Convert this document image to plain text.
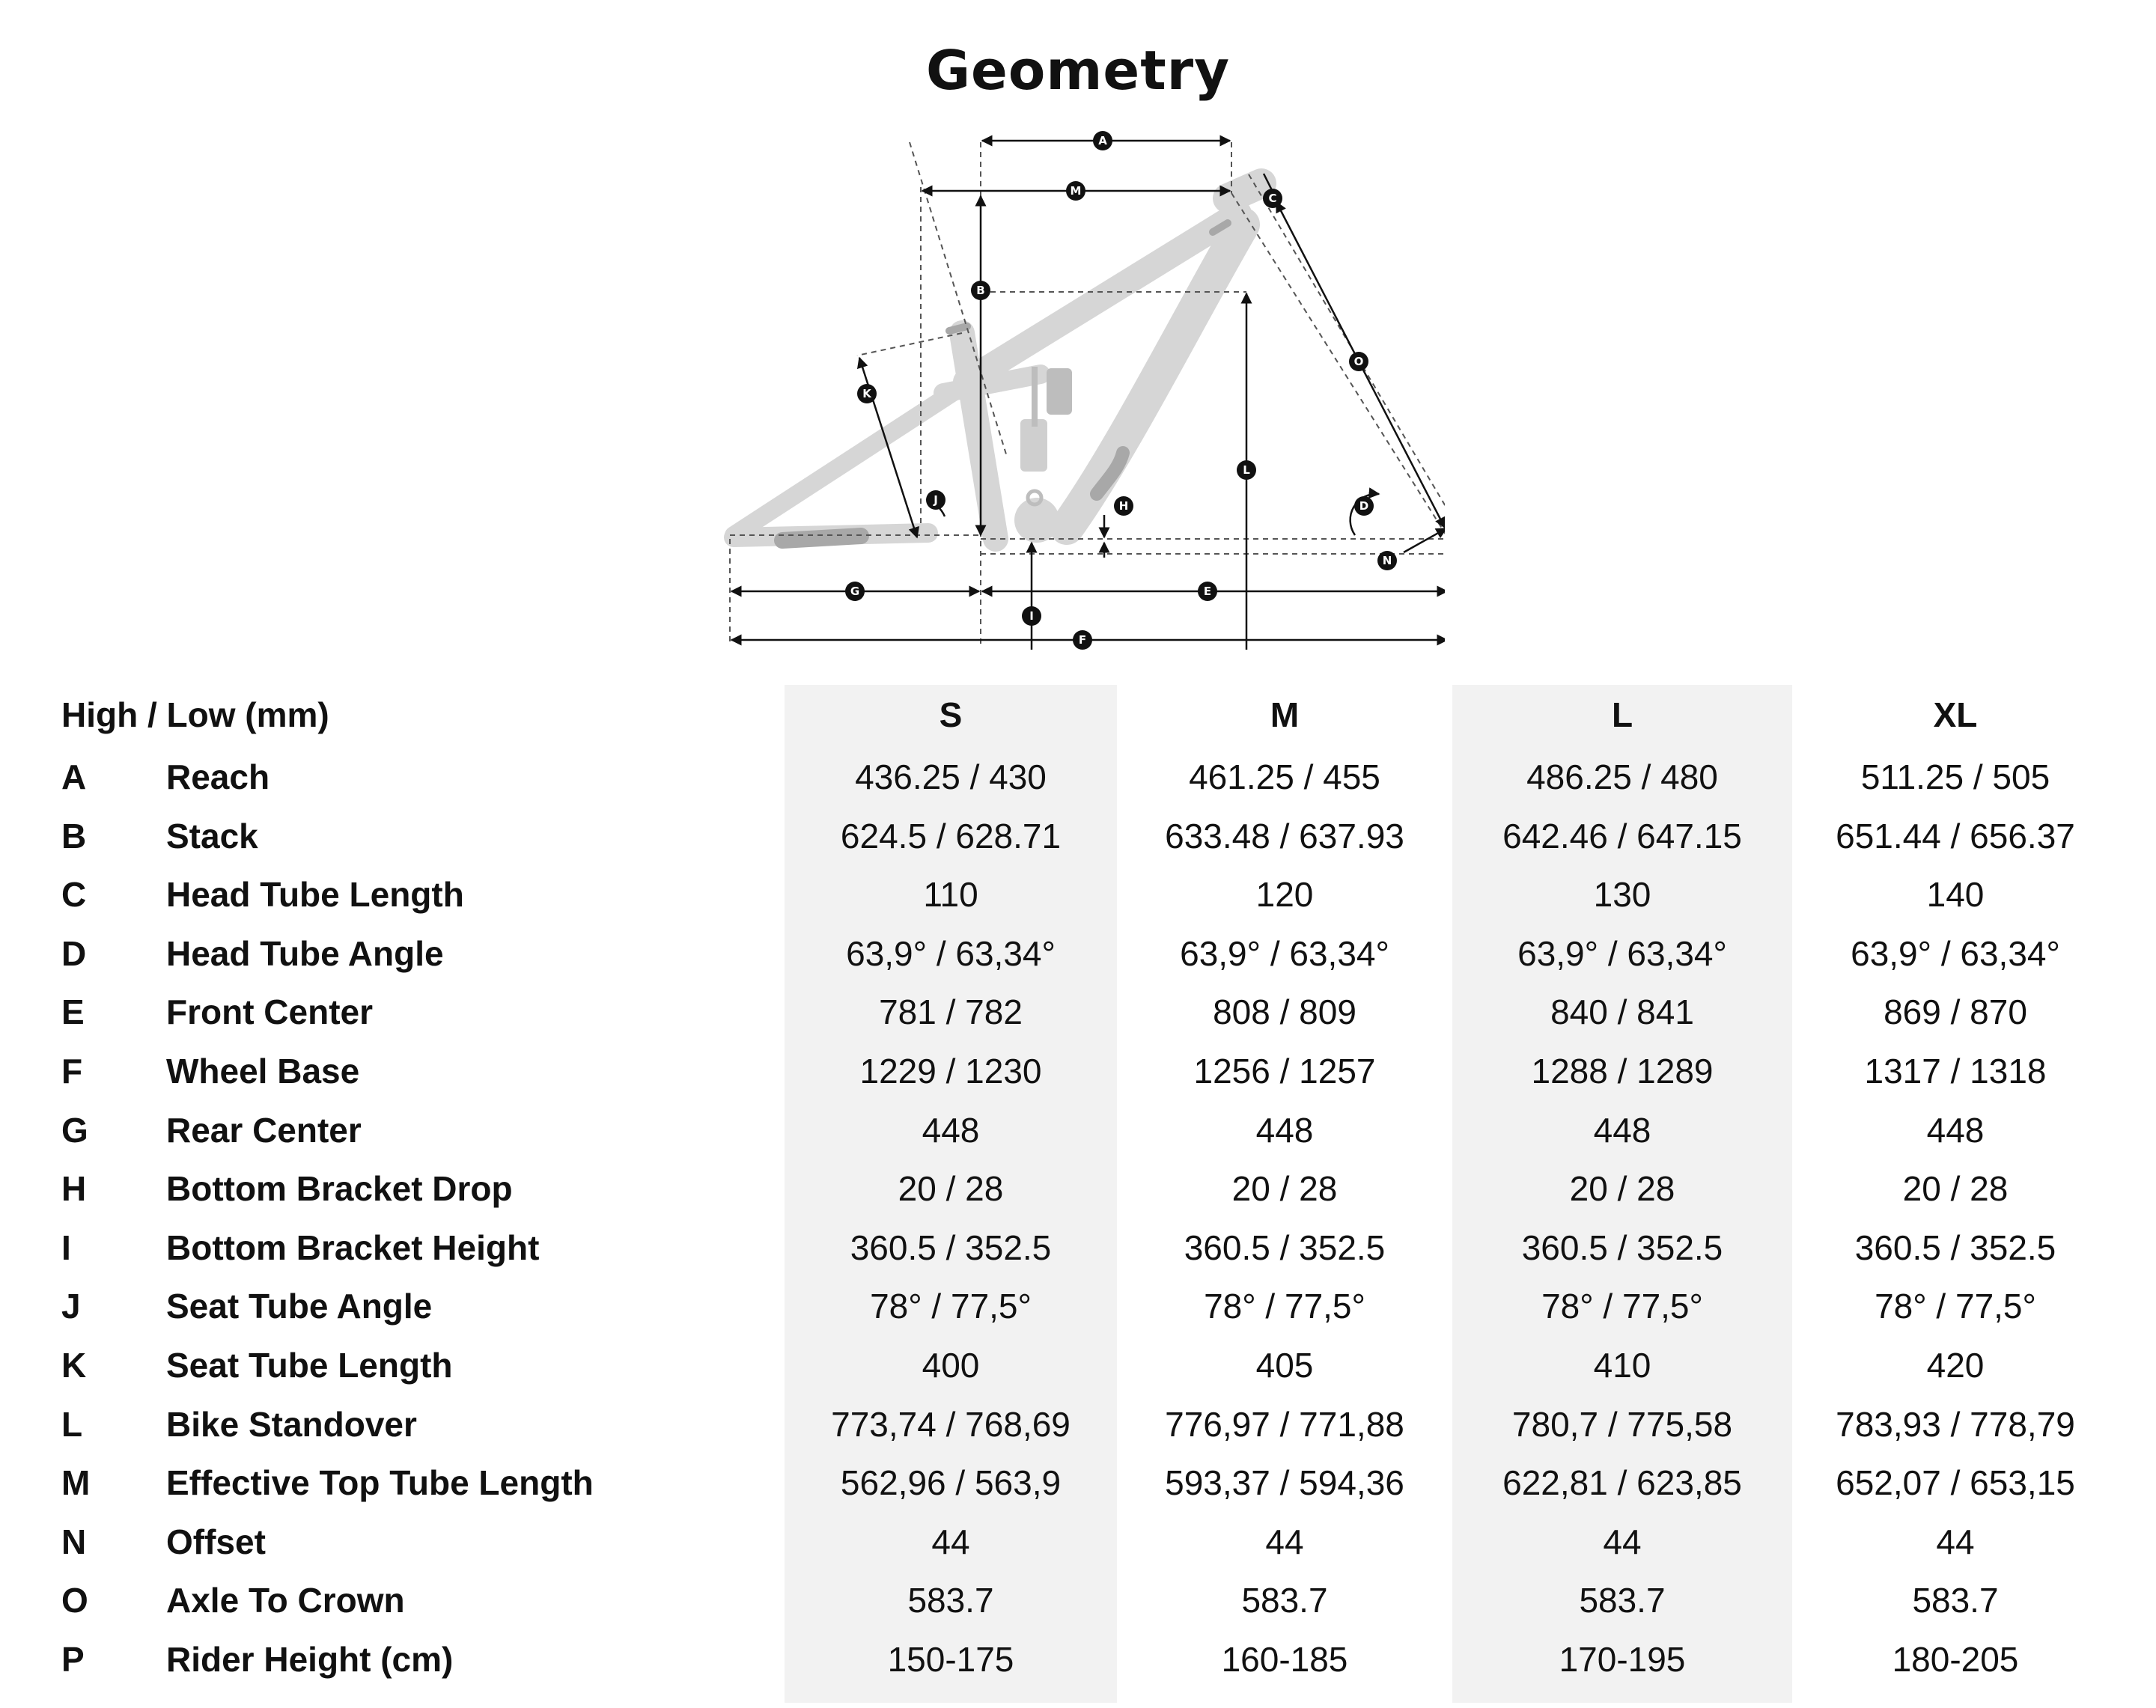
Geometry
A
M
B
C
O
K
L
J	H	D
N
G	E
I
F
High / Low (mm)	S	M	L	XL
A Reach	436.25 / 430	461.25 / 455	486.25 / 480	511.25 / 505
B Stack	624.5 / 628.71	633.48 / 637.93	642.46 / 647.15	651.44 / 656.37
C Head Tube Length	110	120	130	140
D Head Tube Angle	63,9° / 63,34°	63,9° / 63,34°	63,9° / 63,34°	63,9° / 63,34°
E Front Center	781 / 782	808 / 809	840 / 841	869 / 870
F Wheel Base	1229 / 1230	1256 / 1257	1288 / 1289	1317 / 1318
G Rear Center	448	448	448	448
H Bottom Bracket Drop	20 / 28	20 / 28	20 / 28	20 / 28
I	Bottom Bracket Height	360.5 / 352.5	360.5 / 352.5	360.5 / 352.5	360.5 / 352.5
J Seat Tube Angle	78° / 77,5°	78° / 77,5°	78° / 77,5°	78° / 77,5°
K Seat Tube Length	400	405	410	420
L Bike Standover	773,74 / 768,69	776,97 / 771,88	780,7 / 775,58	783,93 / 778,79
M Effective Top Tube Length	562,96 / 563,9	593,37 / 594,36	622,81 / 623,85	652,07 / 653,15
N Offset	44	44	44	44
O Axle To Crown	583.7	583.7	583.7	583.7
P Rider Height (cm)	150-175	160-185	170-195	180-205
